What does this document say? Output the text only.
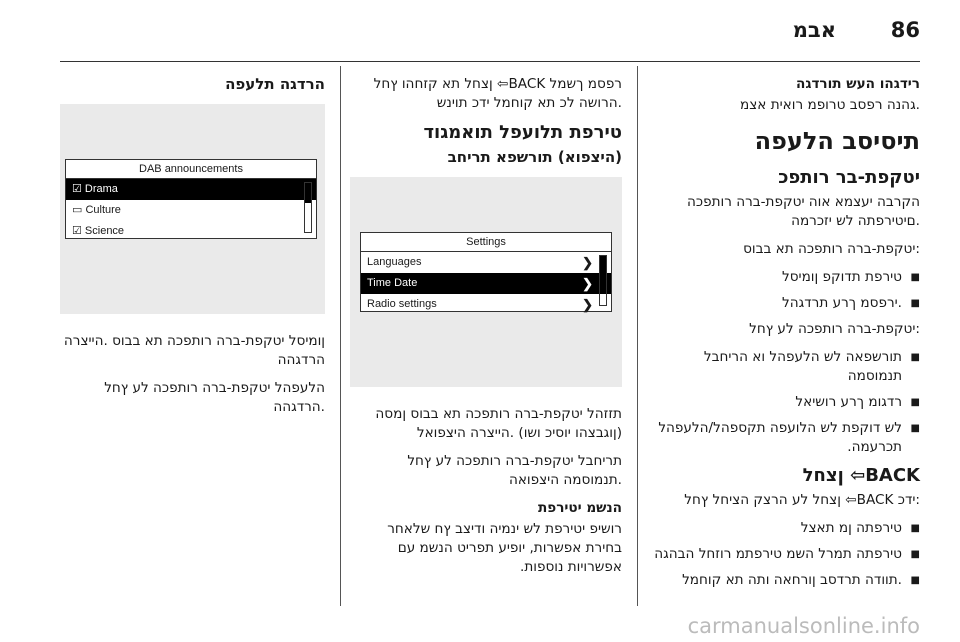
86
אבמ

רידגהו העש תורדגה

.גהנה רפסב טרופמ רואית אצמ

תיסיסב הלעפה
יטקפת-בר רותפכ

הקרבה יעצמא אוה יטקפת-ברה רותפכה .םיטירפתה לש יזכרמה

:יטקפת-ברה רותפכה תא בבוס

■ טירפת תדוקפ ןומיסל
■ .ירפסמ ךרע תרדגהל

:יטקפת-ברה רותפכה לע ץחל

■ תורשפאה לש הלעפהל וא הריחבל תנמוסמה
■ רדגומ ךרע רושיאל
■ לש דוקפת לש הלועפה תקספהל/הלעפהל תכרעמה.
BACK⇦ ןצחל

:ידכ BACK⇦ ןצחל לע הרצק הציחל ץחל

■ טירפתה ןמ תאצל
■ טירפתה תמרל השמ טירפתמ רוזחל הבהגה
■ .תוודה תרדסב ןורחאה ותה תא קוחמל

רפסמ ךשמל BACK⇦ ןצחל תא קזחהו ץחל .הרושה לכ תא קוחמל ידכ תוינש

טירפת תלועפל תואמגוד
(היצפוא) תורשפא תריחב
Settings
Languages	❯
Time Date	❯
Radio settings	❯

תזזהל יטקפת-ברה רותפכה תא בבוס ןמסה (ןוגבצהו יוסיכ ושו) .הייצרה היצפואל

תריחבל יטקפת-ברה רותפכה לע ץחל .תנמוסמה היצפואה

הנשמ יטירפת

רושיפ יטירפת לש ינמיה ודיצב ץח שלאחר בחירת אפשרות, יופיע תפריט הנשמ עם אפשרויות נוספות.

הרדגה תלעפה
DAB announcements
☑ Drama
▭ Culture
☑ Science

ןומיסל יטקפת-ברה רותפכה תא בבוס .הייצרה הרדגהה

הלעפהל יטקפת-ברה רותפכה לע ץחל .הרדגהה

carmanualsonline.info
